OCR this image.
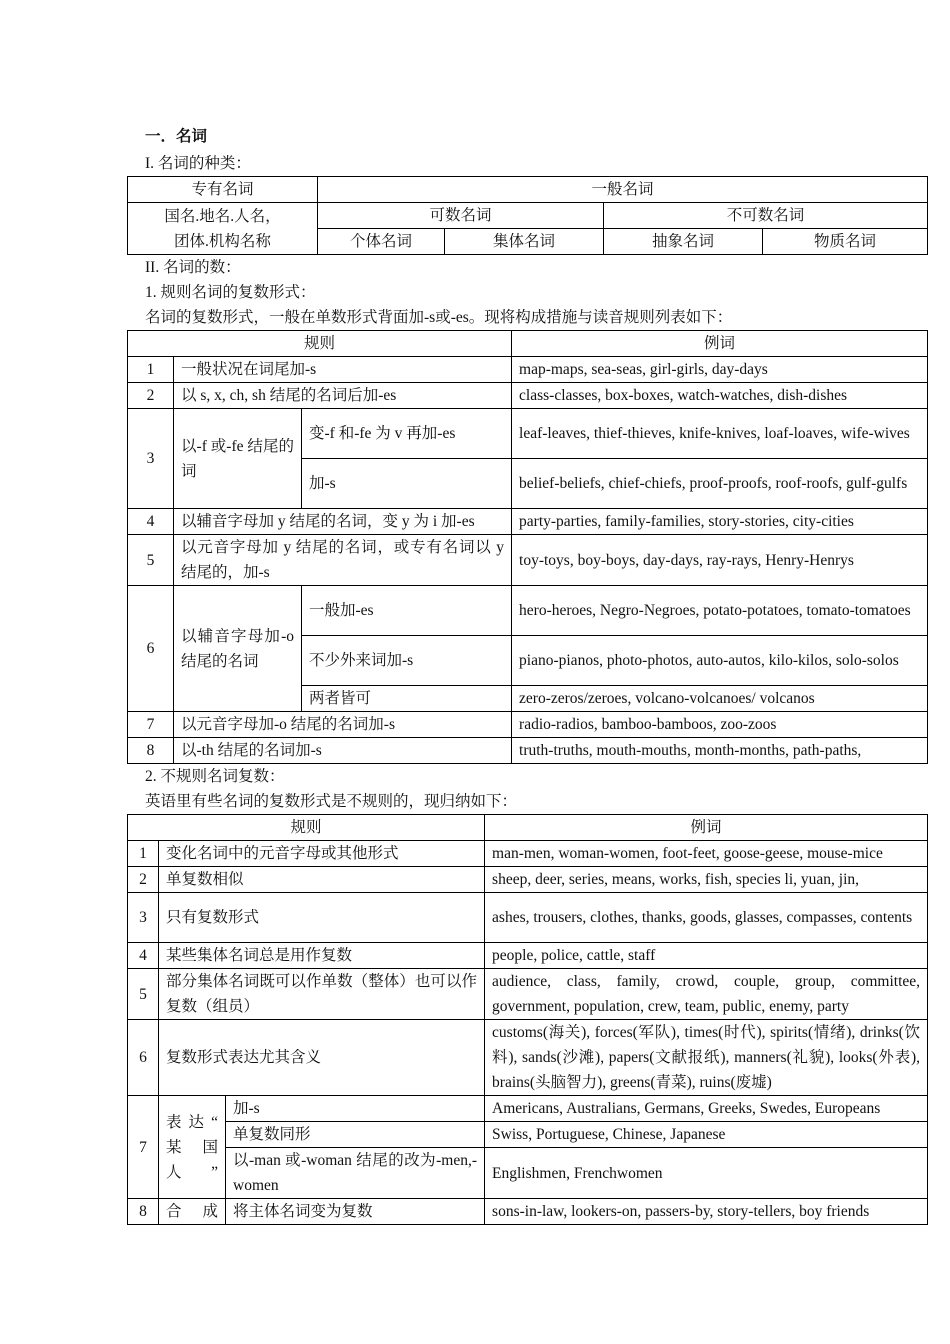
一．名词
I. 名词的种类：
专有名词	一般名词			

国名.地名.人名，
团体.机构名称	可数名词		不可数名词	
	个体名词	集体名词	抽象名词	物质名词
II. 名词的数：
1. 规则名词的复数形式：
名词的复数形式，一般在单数形式背面加-s或-es。现将构成措施与读音规则列表如下：
规则			例词
1	一般状况在词尾加-s		map-maps, sea-seas, girl-girls, day-days
2	以 s, x, ch, sh 结尾的名词后加-es		class-classes, box-boxes, watch-watches, dish-dishes
3	以-f 或-fe 结尾的词	变-f 和-fe 为 v 再加-es	leaf-leaves, thief-thieves, knife-knives, loaf-loaves, wife-wives
		加-s	belief-beliefs, chief-chiefs, proof-proofs, roof-roofs, gulf-gulfs
4	以辅音字母加 y 结尾的名词，变 y 为 i 加-es		party-parties, family-families, story-stories, city-cities
5	以元音字母加 y 结尾的名词，或专有名词以 y 结尾的，加-s		toy-toys, boy-boys, day-days, ray-rays, Henry-Henrys
6	以辅音字母加-o 结尾的名词	一般加-es	hero-heroes, Negro-Negroes, potato-potatoes, tomato-tomatoes
		不少外来词加-s	piano-pianos, photo-photos, auto-autos, kilo-kilos, solo-solos
		两者皆可	zero-zeros/zeroes, volcano-volcanoes/ volcanos
7	以元音字母加-o 结尾的名词加-s		radio-radios, bamboo-bamboos, zoo-zoos
8	以-th 结尾的名词加-s		truth-truths, mouth-mouths, month-months, path-paths,
2. 不规则名词复数：
英语里有些名词的复数形式是不规则的，现归纳如下：
规则			例词
1	变化名词中的元音字母或其他形式		man-men, woman-women, foot-feet, goose-geese, mouse-mice
2	单复数相似		sheep, deer, series, means, works, fish, species li, yuan, jin,
3	只有复数形式		ashes, trousers, clothes, thanks, goods, glasses, compasses, contents
4	某些集体名词总是用作复数		people, police, cattle, staff
5	部分集体名词既可以作单数（整体）也可以作复数（组员）		audience, class, family, crowd, couple, group, committee, government, population, crew, team, public, enemy, party
6	复数形式表达尤其含义		customs(海关), forces(军队), times(时代), spirits(情绪), drinks(饮料), sands(沙滩), papers(文献报纸), manners(礼貌), looks(外表), brains(头脑智力), greens(青菜), ruins(废墟)
7	表 达 “ 某 国 人”	加-s	Americans, Australians, Germans, Greeks, Swedes, Europeans
		单复数同形	Swiss, Portuguese, Chinese, Japanese
		以-man 或-woman 结尾的改为-men,-women	Englishmen, Frenchwomen
8	合 成	将主体名词变为复数	sons-in-law, lookers-on, passers-by, story-tellers, boy friends
